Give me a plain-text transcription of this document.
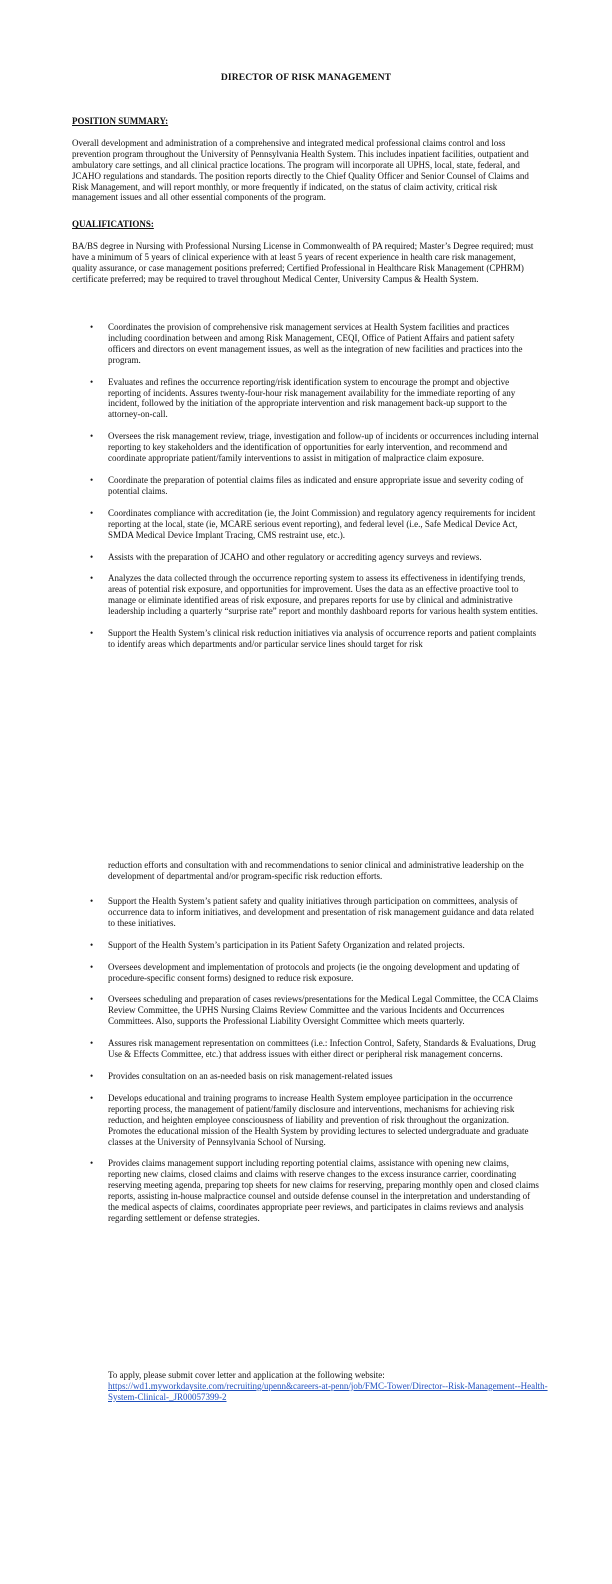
DIRECTOR OF RISK MANAGEMENT
POSITION SUMMARY:

Overall development and administration of a comprehensive and integrated medical professional claims control and loss prevention program throughout the University of Pennsylvania Health System. This includes inpatient facilities, outpatient and ambulatory care settings, and all clinical practice locations. The program will incorporate all UPHS, local, state, federal, and JCAHO regulations and standards. The position reports directly to the Chief Quality Officer and Senior Counsel of Claims and Risk Management, and will report monthly, or more frequently if indicated, on the status of claim activity, critical risk management issues and all other essential components of the program.

QUALIFICATIONS:

BA/BS degree in Nursing with Professional Nursing License in Commonwealth of PA required; Master’s Degree required; must have a minimum of 5 years of clinical experience with at least 5 years of recent experience in health care risk management, quality assurance, or case management positions preferred; Certified Professional in Healthcare Risk Management (CPHRM) certificate preferred; may be required to travel throughout Medical Center, University Campus & Health System.

• Coordinates the provision of comprehensive risk management services at Health System facilities and practices including coordination between and among Risk Management, CEQI, Office of Patient Affairs and patient safety officers and directors on event management issues, as well as the integration of new facilities and practices into the program.
• Evaluates and refines the occurrence reporting/risk identification system to encourage the prompt and objective reporting of incidents. Assures twenty-four-hour risk management availability for the immediate reporting of any incident, followed by the initiation of the appropriate intervention and risk management back-up support to the attorney-on-call.
• Oversees the risk management review, triage, investigation and follow-up of incidents or occurrences including internal reporting to key stakeholders and the identification of opportunities for early intervention, and recommend and coordinate appropriate patient/family interventions to assist in mitigation of malpractice claim exposure.
• Coordinate the preparation of potential claims files as indicated and ensure appropriate issue and severity coding of potential claims.
• Coordinates compliance with accreditation (ie, the Joint Commission) and regulatory agency requirements for incident reporting at the local, state (ie, MCARE serious event reporting), and federal level (i.e., Safe Medical Device Act, SMDA Medical Device Implant Tracing, CMS restraint use, etc.).
• Assists with the preparation of JCAHO and other regulatory or accrediting agency surveys and reviews.
• Analyzes the data collected through the occurrence reporting system to assess its effectiveness in identifying trends, areas of potential risk exposure, and opportunities for improvement. Uses the data as an effective proactive tool to manage or eliminate identified areas of risk exposure, and prepares reports for use by clinical and administrative leadership including a quarterly “surprise rate” report and monthly dashboard reports for various health system entities.
• Support the Health System’s clinical risk reduction initiatives via analysis of occurrence reports and patient complaints to identify areas which departments and/or particular service lines should target for risk
reduction efforts and consultation with and recommendations to senior clinical and administrative leadership on the development of departmental and/or program-specific risk reduction efforts.
• Support the Health System’s patient safety and quality initiatives through participation on committees, analysis of occurrence data to inform initiatives, and development and presentation of risk management guidance and data related to these initiatives.
• Support of the Health System’s participation in its Patient Safety Organization and related projects.
• Oversees development and implementation of protocols and projects (ie the ongoing development and updating of procedure-specific consent forms) designed to reduce risk exposure.
• Oversees scheduling and preparation of cases reviews/presentations for the Medical Legal Committee, the CCA Claims Review Committee, the UPHS Nursing Claims Review Committee and the various Incidents and Occurrences Committees. Also, supports the Professional Liability Oversight Committee which meets quarterly.
• Assures risk management representation on committees (i.e.: Infection Control, Safety, Standards & Evaluations, Drug Use & Effects Committee, etc.) that address issues with either direct or peripheral risk management concerns.
• Provides consultation on an as-needed basis on risk management-related issues
• Develops educational and training programs to increase Health System employee participation in the occurrence reporting process, the management of patient/family disclosure and interventions, mechanisms for achieving risk reduction, and heighten employee consciousness of liability and prevention of risk throughout the organization. Promotes the educational mission of the Health System by providing lectures to selected undergraduate and graduate classes at the University of Pennsylvania School of Nursing.
• Provides claims management support including reporting potential claims, assistance with opening new claims, reporting new claims, closed claims and claims with reserve changes to the excess insurance carrier, coordinating reserving meeting agenda, preparing top sheets for new claims for reserving, preparing monthly open and closed claims reports, assisting in-house malpractice counsel and outside defense counsel in the interpretation and understanding of the medical aspects of claims, coordinates appropriate peer reviews, and participates in claims reviews and analysis regarding settlement or defense strategies.
To apply, please submit cover letter and application at the following website:
https://wd1.myworkdaysite.com/recruiting/upenn&careers-at-penn/job/FMC-Tower/Director--Risk-Management--Health-System-Clinical-_JR00057399-2
